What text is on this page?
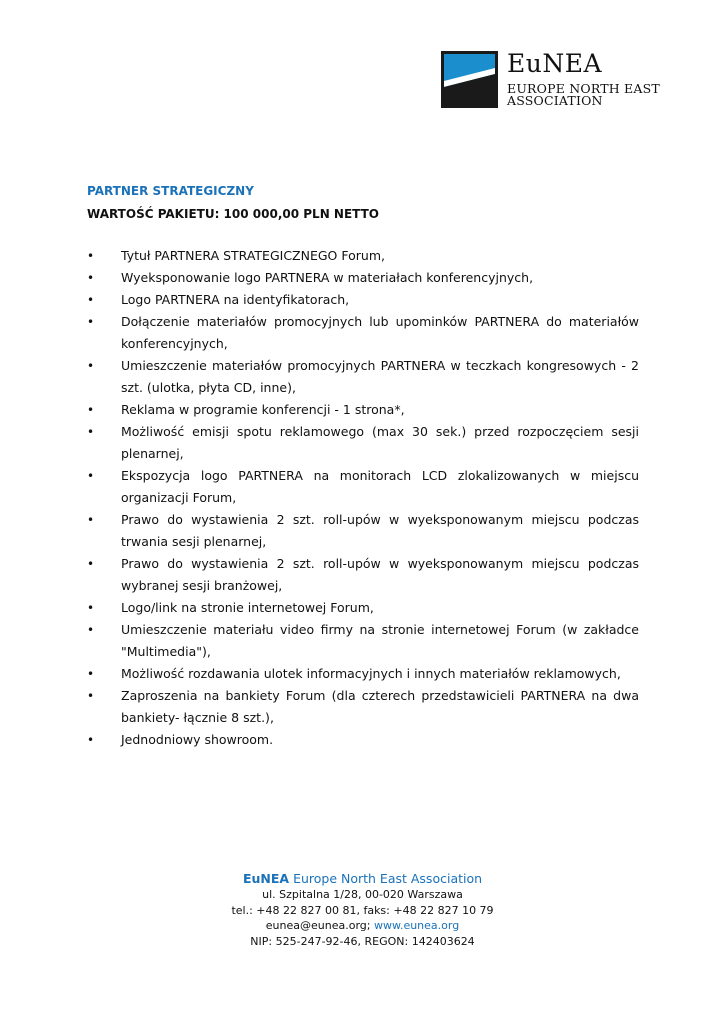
EuNEA
EUROPE NORTH EAST
ASSOCIATION
PARTNER STRATEGICZNY

WARTOŚĆ PAKIETU: 100 000,00 PLN NETTO

• Tytuł PARTNERA STRATEGICZNEGO Forum,
• Wyeksponowanie logo PARTNERA w materiałach konferencyjnych,
• Logo PARTNERA na identyfikatorach,
• Dołączenie materiałów promocyjnych lub upominków PARTNERA do materiałów konferencyjnych,
• Umieszczenie materiałów promocyjnych PARTNERA w teczkach kongresowych - 2 szt. (ulotka, płyta CD, inne),
• Reklama w programie konferencji - 1 strona*,
• Możliwość emisji spotu reklamowego (max 30 sek.) przed rozpoczęciem sesji plenarnej,
• Ekspozycja logo PARTNERA na monitorach LCD zlokalizowanych w miejscu organizacji Forum,
• Prawo do wystawienia 2 szt. roll-upów w wyeksponowanym miejscu podczas trwania sesji plenarnej,
• Prawo do wystawienia 2 szt. roll-upów w wyeksponowanym miejscu podczas wybranej sesji branżowej,
• Logo/link na stronie internetowej Forum,
• Umieszczenie materiału video firmy na stronie internetowej Forum (w zakładce "Multimedia"),
• Możliwość rozdawania ulotek informacyjnych i innych materiałów reklamowych,
• Zaproszenia na bankiety Forum (dla czterech przedstawicieli PARTNERA na dwa bankiety- łącznie 8 szt.),
• Jednodniowy showroom.
EuNEA Europe North East Association
ul. Szpitalna 1/28, 00-020 Warszawa
tel.: +48 22 827 00 81, faks: +48 22 827 10 79
eunea@eunea.org; www.eunea.org
NIP: 525-247-92-46, REGON: 142403624
